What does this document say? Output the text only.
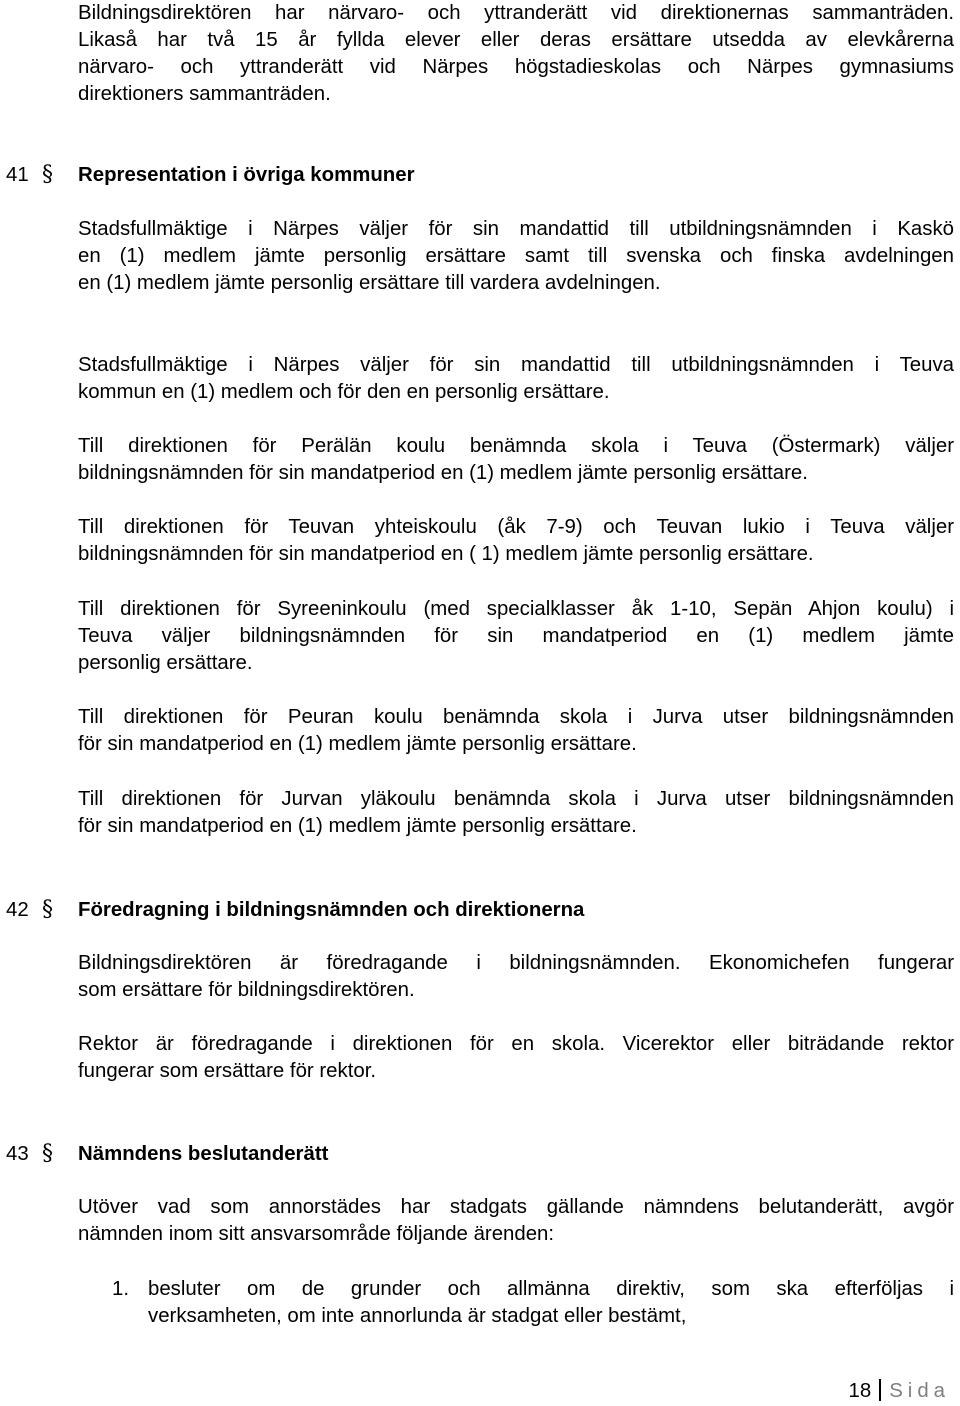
Bildningsdirektören har närvaro- och yttranderätt vid direktionernas sammanträden.
Likaså har två 15 år fyllda elever eller deras ersättare utsedda av elevkårerna
närvaro- och yttranderätt vid Närpes högstadieskolas och Närpes gymnasiums
direktioners sammanträden.
41 § Representation i övriga kommuner
Stadsfullmäktige i Närpes väljer för sin mandattid till utbildningsnämnden i Kaskö
en (1) medlem jämte personlig ersättare samt till svenska och finska avdelningen
en (1) medlem jämte personlig ersättare till vardera avdelningen.
Stadsfullmäktige i Närpes väljer för sin mandattid till utbildningsnämnden i Teuva
kommun en (1) medlem och för den en personlig ersättare.
Till direktionen för Perälän koulu benämnda skola i Teuva (Östermark) väljer
bildningsnämnden för sin mandatperiod en (1) medlem jämte personlig ersättare.
Till direktionen för Teuvan yhteiskoulu (åk 7-9) och Teuvan lukio i Teuva väljer
bildningsnämnden för sin mandatperiod en ( 1) medlem jämte personlig ersättare.
Till direktionen för Syreeninkoulu (med specialklasser åk 1-10, Sepän Ahjon koulu) i
Teuva väljer bildningsnämnden för sin mandatperiod en (1) medlem jämte
personlig ersättare.
Till direktionen för Peuran koulu benämnda skola i Jurva utser bildningsnämnden
för sin mandatperiod en (1) medlem jämte personlig ersättare.
Till direktionen för Jurvan yläkoulu benämnda skola i Jurva utser bildningsnämnden
för sin mandatperiod en (1) medlem jämte personlig ersättare.
42 § Föredragning i bildningsnämnden och direktionerna
Bildningsdirektören är föredragande i bildningsnämnden. Ekonomichefen fungerar
som ersättare för bildningsdirektören.
Rektor är föredragande i direktionen för en skola. Vicerektor eller biträdande rektor
fungerar som ersättare för rektor.
43 § Nämndens beslutanderätt
Utöver vad som annorstädes har stadgats gällande nämndens belutanderätt, avgör
nämnden inom sitt ansvarsområde följande ärenden:
1. besluter om de grunder och allmänna direktiv, som ska efterföljas i
verksamheten, om inte annorlunda är stadgat eller bestämt,
18 Sida
